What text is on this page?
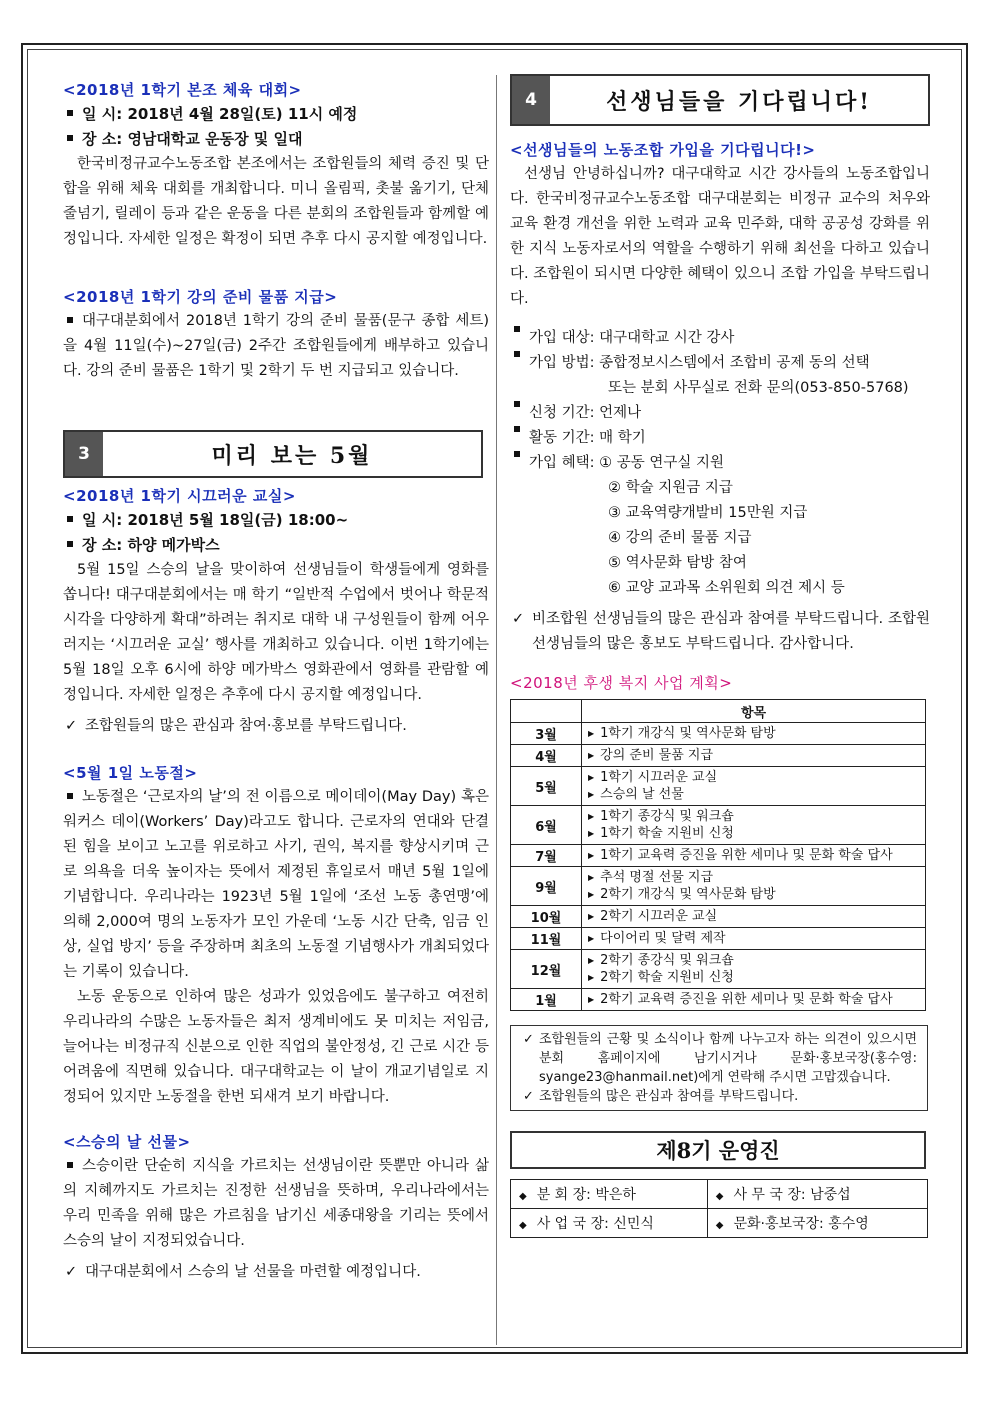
<2018년 1학기 본조 체육 대회>

일 시: 2018년 4월 28일(토) 11시 예정

장 소: 영남대학교 운동장 및 일대

한국비정규교수노동조합 본조에서는 조합원들의 체력 증진 및 단합을 위해 체육 대회를 개최합니다. 미니 올림픽, 촛불 옮기기, 단체 줄넘기, 릴레이 등과 같은 운동을 다른 분회의 조합원들과 함께할 예정입니다. 자세한 일정은 확정이 되면 추후 다시 공지할 예정입니다.

<2018년 1학기 강의 준비 물품 지급>

대구대분회에서 2018년 1학기 강의 준비 물품(문구 종합 세트)을 4월 11일(수)~27일(금) 2주간 조합원들에게 배부하고 있습니다. 강의 준비 물품은 1학기 및 2학기 두 번 지급되고 있습니다.

3	미리 보는 5월

<2018년 1학기 시끄러운 교실>

일 시: 2018년 5월 18일(금) 18:00~

장 소: 하양 메가박스

5월 15일 스승의 날을 맞이하여 선생님들이 학생들에게 영화를 쏩니다! 대구대분회에서는 매 학기 “일반적 수업에서 벗어나 학문적 시각을 다양하게 확대”하려는 취지로 대학 내 구성원들이 함께 어우러지는 ‘시끄러운 교실’ 행사를 개최하고 있습니다. 이번 1학기에는 5월 18일 오후 6시에 하양 메가박스 영화관에서 영화를 관람할 예정입니다. 자세한 일정은 추후에 다시 공지할 예정입니다.

✓ 조합원들의 많은 관심과 참여·홍보를 부탁드립니다.

<5월 1일 노동절>

노동절은 ‘근로자의 날’의 전 이름으로 메이데이(May Day) 혹은 워커스 데이(Workers’ Day)라고도 합니다. 근로자의 연대와 단결된 힘을 보이고 노고를 위로하고 사기, 권익, 복지를 향상시키며 근로 의욕을 더욱 높이자는 뜻에서 제정된 휴일로서 매년 5월 1일에 기념합니다. 우리나라는 1923년 5월 1일에 ‘조선 노동 총연맹’에 의해 2,000여 명의 노동자가 모인 가운데 ‘노동 시간 단축, 임금 인상, 실업 방지’ 등을 주장하며 최초의 노동절 기념행사가 개최되었다는 기록이 있습니다.

노동 운동으로 인하여 많은 성과가 있었음에도 불구하고 여전히 우리나라의 수많은 노동자들은 최저 생계비에도 못 미치는 저임금, 늘어나는 비정규직 신분으로 인한 직업의 불안정성, 긴 근로 시간 등 어려움에 직면해 있습니다. 대구대학교는 이 날이 개교기념일로 지정되어 있지만 노동절을 한번 되새겨 보기 바랍니다.

<스승의 날 선물>

스승이란 단순히 지식을 가르치는 선생님이란 뜻뿐만 아니라 삶의 지혜까지도 가르치는 진정한 선생님을 뜻하며, 우리나라에서는 우리 민족을 위해 많은 가르침을 남기신 세종대왕을 기리는 뜻에서 스승의 날이 지정되었습니다.

✓ 대구대분회에서 스승의 날 선물을 마련할 예정입니다.

4	선생님들을 기다립니다!

<선생님들의 노동조합 가입을 기다립니다!>

선생님 안녕하십니까? 대구대학교 시간 강사들의 노동조합입니다. 한국비정규교수노동조합 대구대분회는 비정규 교수의 처우와 교육 환경 개선을 위한 노력과 교육 민주화, 대학 공공성 강화를 위한 지식 노동자로서의 역할을 수행하기 위해 최선을 다하고 있습니다. 조합원이 되시면 다양한 혜택이 있으니 조합 가입을 부탁드립니다.

가입 대상: 대구대학교 시간 강사

가입 방법: 종합정보시스템에서 조합비 공제 동의 선택

또는 분회 사무실로 전화 문의(053-850-5768)

신청 기간: 언제나

활동 기간: 매 학기

가입 혜택:
① 공동 연구실 지원

② 학술 지원금 지급
③ 교육역량개발비 15만원 지급
④ 강의 준비 물품 지급
⑤ 역사문화 탐방 참여
⑥ 교양 교과목 소위원회 의견 제시 등

✓ 비조합원 선생님들의 많은 관심과 참여를 부탁드립니다. 조합원 선생님들의 많은 홍보도 부탁드립니다. 감사합니다.

<2018년 후생 복지 사업 계획>

	항목
3월	▶ 1학기 개강식 및 역사문화 탐방

4월	▶ 강의 준비 물품 지급

5월	▶ 1학기 시끄러운 교실
▶ 스승의 날 선물

6월	▶ 1학기 종강식 및 워크숍
▶ 1학기 학술 지원비 신청

7월	▶ 1학기 교육력 증진을 위한 세미나 및 문화 학술 답사

9월	▶ 추석 명절 선물 지급
▶ 2학기 개강식 및 역사문화 탐방

10월	▶ 2학기 시끄러운 교실

11월	▶ 다이어리 및 달력 제작

12월	▶ 2학기 종강식 및 워크숍
▶ 2학기 학술 지원비 신청

1월	▶ 2학기 교육력 증진을 위한 세미나 및 문화 학술 답사

✓ 조합원들의 근황 및 소식이나 함께 나누고자 하는 의견이 있으시면 분회 홈페이지에 남기시거나 문화·홍보국장(홍수영: syange23@hanmail.net)에게 연락해 주시면 고맙겠습니다.

✓ 조합원들의 많은 관심과 참여를 부탁드립니다.

제8기 운영진
◆ 분 회 장: 박은하	◆ 사 무 국 장: 남중섭
◆ 사 업 국 장: 신민식	◆ 문화·홍보국장: 홍수영
